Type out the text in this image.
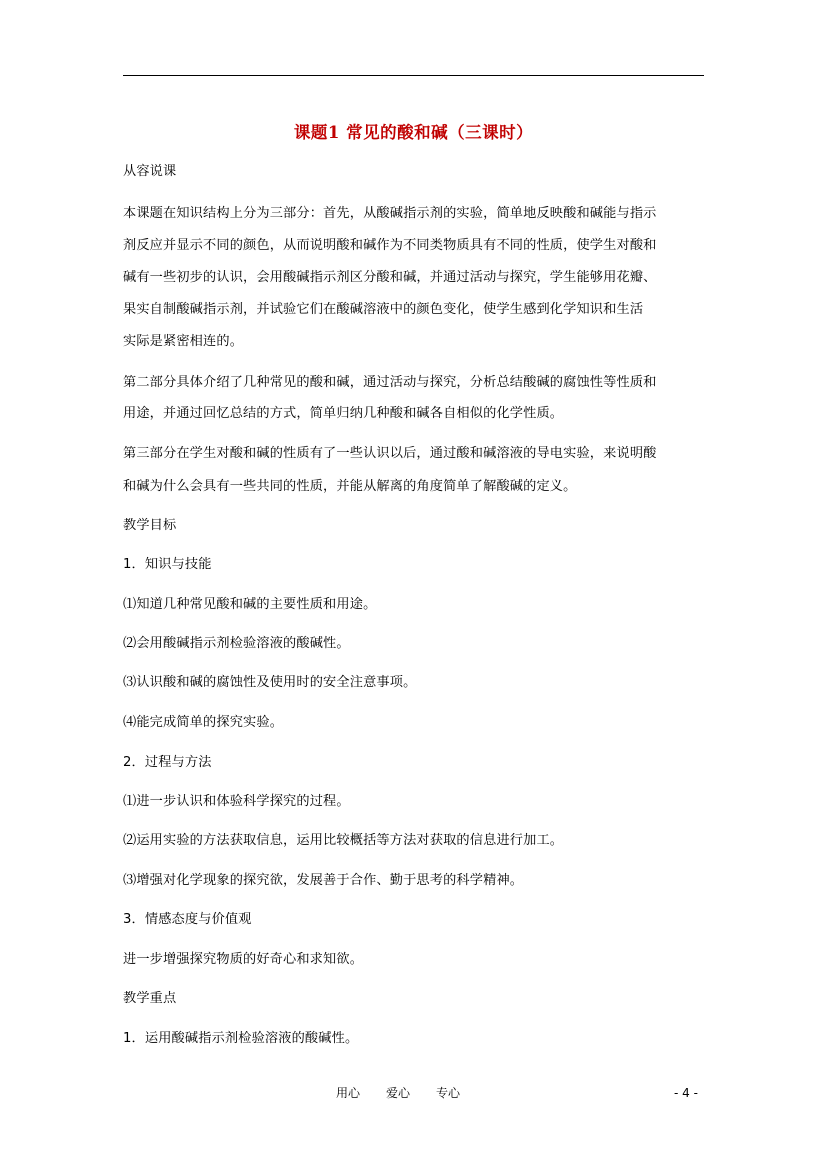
课题1 常见的酸和碱（三课时）
从容说课
本课题在知识结构上分为三部分：首先，从酸碱指示剂的实验，简单地反映酸和碱能与指示
剂反应并显示不同的颜色，从而说明酸和碱作为不同类物质具有不同的性质，使学生对酸和
碱有一些初步的认识，会用酸碱指示剂区分酸和碱，并通过活动与探究，学生能够用花瓣、
果实自制酸碱指示剂，并试验它们在酸碱溶液中的颜色变化，使学生感到化学知识和生活
实际是紧密相连的。
第二部分具体介绍了几种常见的酸和碱，通过活动与探究，分析总结酸碱的腐蚀性等性质和
用途，并通过回忆总结的方式，简单归纳几种酸和碱各自相似的化学性质。
第三部分在学生对酸和碱的性质有了一些认识以后，通过酸和碱溶液的导电实验，来说明酸
和碱为什么会具有一些共同的性质，并能从解离的角度简单了解酸碱的定义。
教学目标
1．知识与技能
⑴知道几种常见酸和碱的主要性质和用途。
⑵会用酸碱指示剂检验溶液的酸碱性。
⑶认识酸和碱的腐蚀性及使用时的安全注意事项。
⑷能完成简单的探究实验。
2．过程与方法
⑴进一步认识和体验科学探究的过程。
⑵运用实验的方法获取信息，运用比较概括等方法对获取的信息进行加工。
⑶增强对化学现象的探究欲，发展善于合作、勤于思考的科学精神。
3．情感态度与价值观
进一步增强探究物质的好奇心和求知欲。
教学重点
1．运用酸碱指示剂检验溶液的酸碱性。
用心 爱心 专心	- 4 -
